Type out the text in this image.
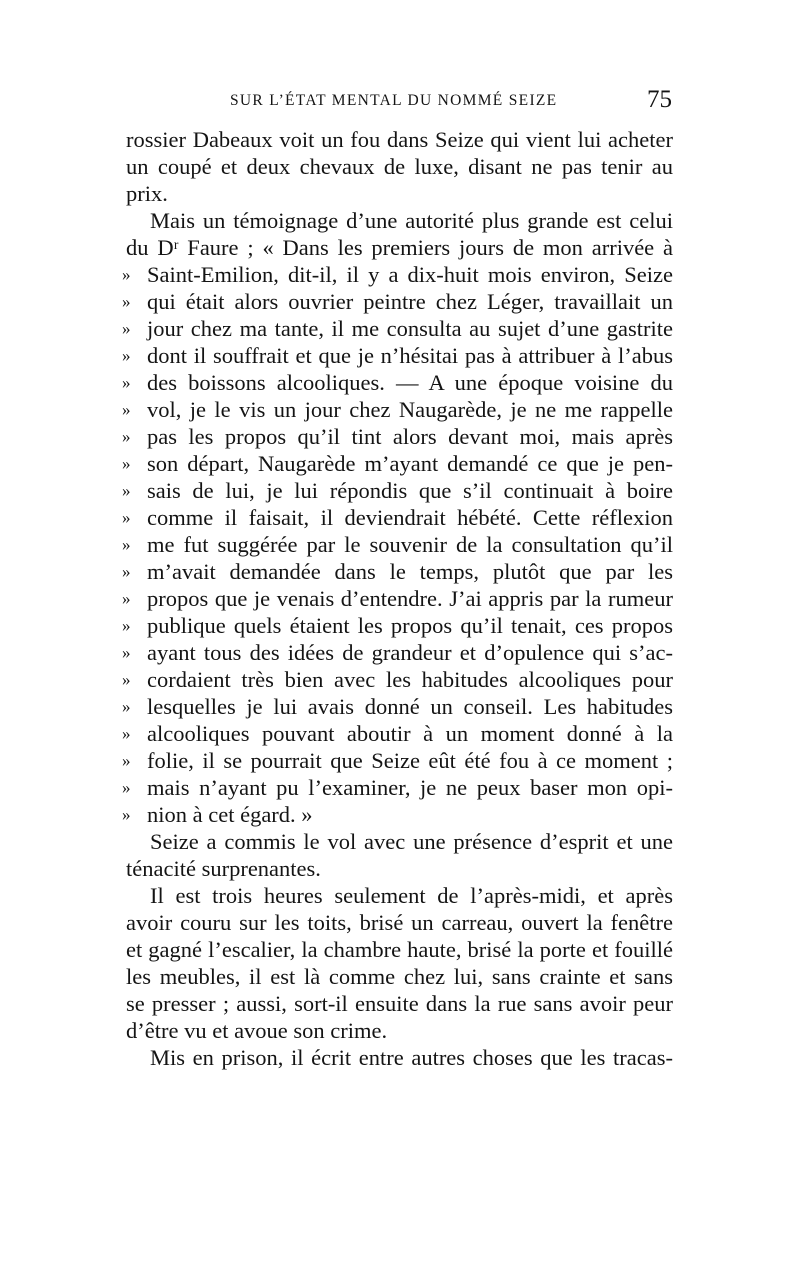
SUR L’ÉTAT MENTAL DU NOMMÉ SEIZE	75
rossier Dabeaux voit un fou dans Seize qui vient lui acheter
un coupé et deux chevaux de luxe, disant ne pas tenir au
prix.
Mais un témoignage d’une autorité plus grande est celui
du Dʳ Faure ; « Dans les premiers jours de mon arrivée à
» Saint-Emilion, dit-il, il y a dix-huit mois environ, Seize
» qui était alors ouvrier peintre chez Léger, travaillait un
» jour chez ma tante, il me consulta au sujet d’une gastrite
» dont il souffrait et que je n’hésitai pas à attribuer à l’abus
» des boissons alcooliques. — A une époque voisine du
» vol, je le vis un jour chez Naugarède, je ne me rappelle
» pas les propos qu’il tint alors devant moi, mais après
» son départ, Naugarède m’ayant demandé ce que je pen-
» sais de lui, je lui répondis que s’il continuait à boire
» comme il faisait, il deviendrait hébété. Cette réflexion
» me fut suggérée par le souvenir de la consultation qu’il
» m’avait demandée dans le temps, plutôt que par les
» propos que je venais d’entendre. J’ai appris par la rumeur
» publique quels étaient les propos qu’il tenait, ces propos
» ayant tous des idées de grandeur et d’opulence qui s’ac-
» cordaient très bien avec les habitudes alcooliques pour
» lesquelles je lui avais donné un conseil. Les habitudes
» alcooliques pouvant aboutir à un moment donné à la
» folie, il se pourrait que Seize eût été fou à ce moment ;
» mais n’ayant pu l’examiner, je ne peux baser mon opi-
» nion à cet égard. »
Seize a commis le vol avec une présence d’esprit et une
ténacité surprenantes.
Il est trois heures seulement de l’après-midi, et après
avoir couru sur les toits, brisé un carreau, ouvert la fenêtre
et gagné l’escalier, la chambre haute, brisé la porte et fouillé
les meubles, il est là comme chez lui, sans crainte et sans
se presser ; aussi, sort-il ensuite dans la rue sans avoir peur
d’être vu et avoue son crime.
Mis en prison, il écrit entre autres choses que les tracas-
